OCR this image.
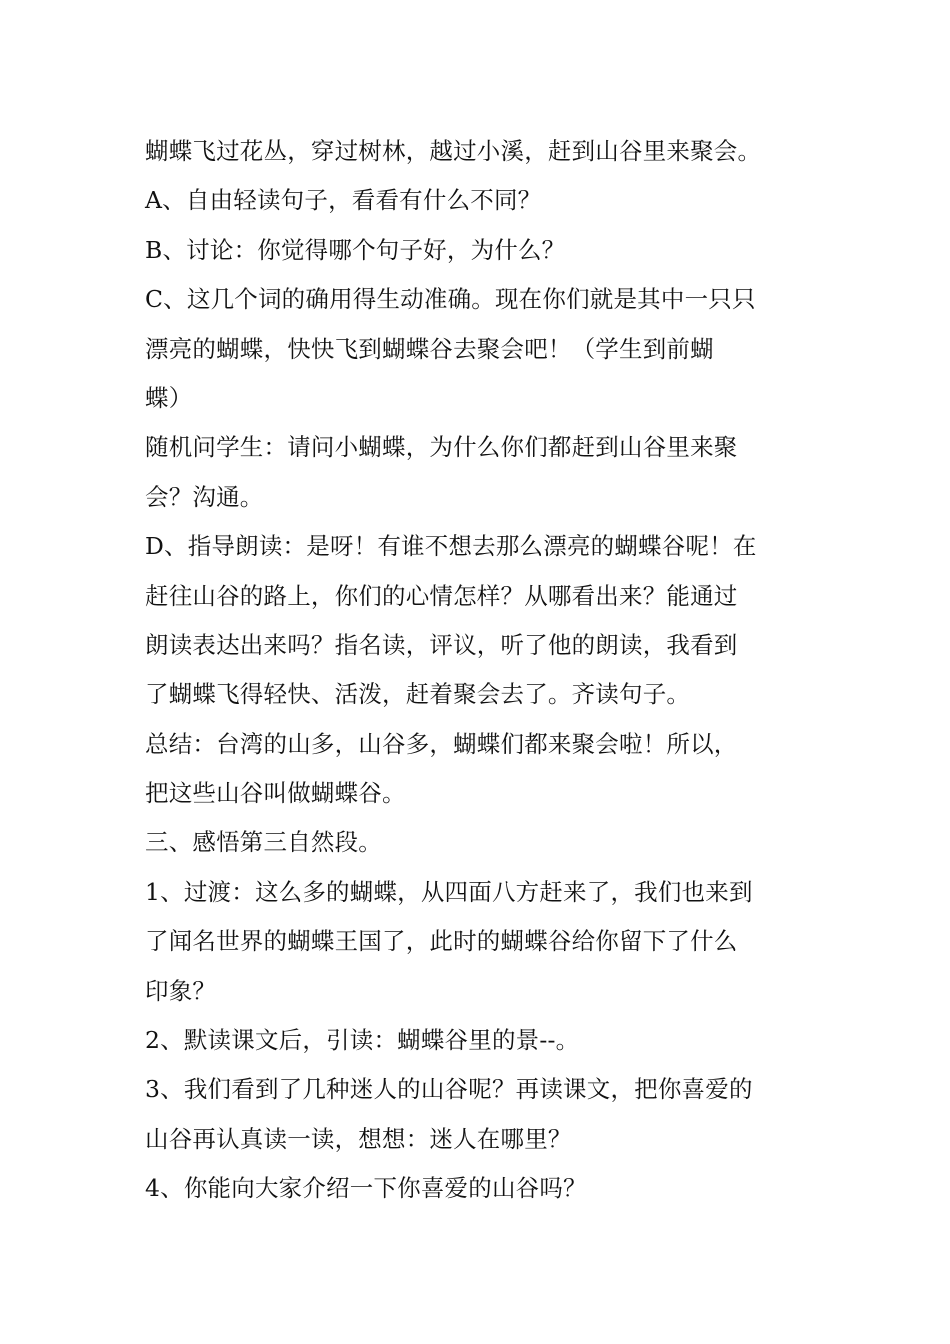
蝴蝶飞过花丛，穿过树林，越过小溪，赶到山谷里来聚会。
A、自由轻读句子，看看有什么不同？
B、讨论：你觉得哪个句子好，为什么？
C、这几个词的确用得生动准确。现在你们就是其中一只只
漂亮的蝴蝶，快快飞到蝴蝶谷去聚会吧！（学生到前蝴
蝶）
随机问学生：请问小蝴蝶，为什么你们都赶到山谷里来聚
会？沟通。
D、指导朗读：是呀！有谁不想去那么漂亮的蝴蝶谷呢！在
赶往山谷的路上，你们的心情怎样？从哪看出来？能通过
朗读表达出来吗？指名读，评议，听了他的朗读，我看到
了蝴蝶飞得轻快、活泼，赶着聚会去了。齐读句子。
总结：台湾的山多，山谷多，蝴蝶们都来聚会啦！所以，
把这些山谷叫做蝴蝶谷。
三、感悟第三自然段。
1、过渡：这么多的蝴蝶，从四面八方赶来了，我们也来到
了闻名世界的蝴蝶王国了，此时的蝴蝶谷给你留下了什么
印象？
2、默读课文后，引读：蝴蝶谷里的景--。
3、我们看到了几种迷人的山谷呢？再读课文，把你喜爱的
山谷再认真读一读，想想：迷人在哪里？
4、你能向大家介绍一下你喜爱的山谷吗？
